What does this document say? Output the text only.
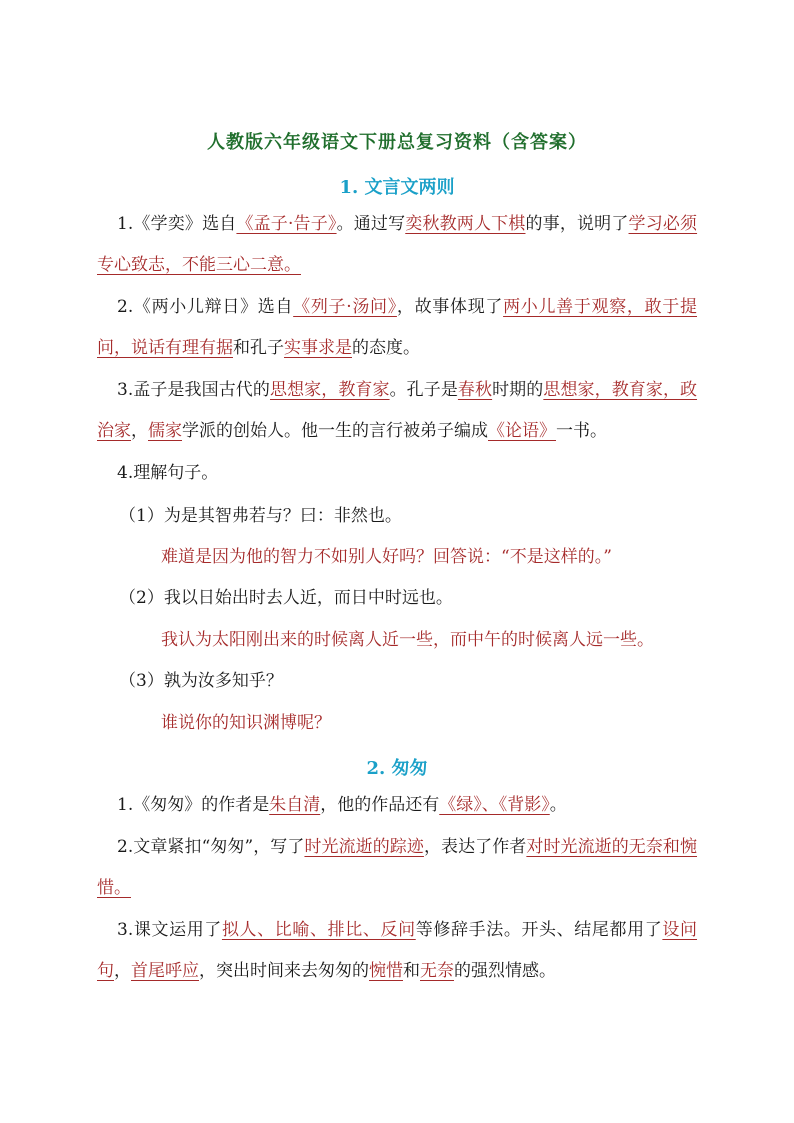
人教版六年级语文下册总复习资料（含答案）
1. 文言文两则
1.《学奕》选自《孟子·告子》。通过写奕秋教两人下棋的事，说明了学习必须专心致志，不能三心二意。
2.《两小儿辩日》选自《列子·汤问》，故事体现了两小儿善于观察，敢于提问，说话有理有据和孔子实事求是的态度。
3.孟子是我国古代的思想家，教育家。孔子是春秋时期的思想家，教育家，政治家，儒家学派的创始人。他一生的言行被弟子编成《论语》一书。
4.理解句子。
（1）为是其智弗若与？曰：非然也。
难道是因为他的智力不如别人好吗？回答说：“不是这样的。”
（2）我以日始出时去人近，而日中时远也。
我认为太阳刚出来的时候离人近一些，而中午的时候离人远一些。
（3）孰为汝多知乎？
谁说你的知识渊博呢？
2. 匆匆
1.《匆匆》的作者是朱自清，他的作品还有《绿》、《背影》。
2.文章紧扣“匆匆”，写了时光流逝的踪迹，表达了作者对时光流逝的无奈和惋惜。
3.课文运用了拟人、比喻、排比、反问等修辞手法。开头、结尾都用了设问句，首尾呼应，突出时间来去匆匆的惋惜和无奈的强烈情感。
